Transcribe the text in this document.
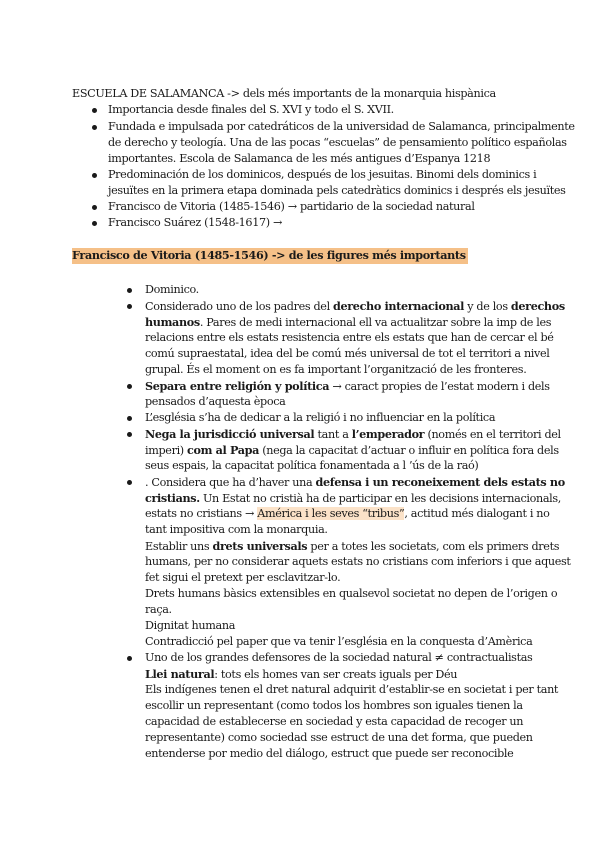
ESCUELA DE SALAMANCA -> dels més importants de la monarquia hispànica

Importancia desde finales del S. XVI y todo el S. XVII.

Fundada e impulsada por catedráticos de la universidad de Salamanca, principalmente

de derecho y teología. Una de las pocas “escuelas” de pensamiento político españolas

importantes. Escola de Salamanca de les més antigues d’Espanya 1218

Predominación de los dominicos, después de los jesuitas. Binomi dels dominics i

jesuïtes en la primera etapa dominada pels catedràtics dominics i després els jesuïtes

Francisco de Vitoria (1485-1546) → partidario de la sociedad natural

Francisco Suárez (1548-1617) →

Francisco de Vitoria (1485-1546) -> de les figures més importants

Dominico.

Considerado uno de los padres del derecho internacional y de los derechos

humanos. Pares de medi internacional ell va actualitzar sobre la imp de les

relacions entre els estats resistencia entre els estats que han de cercar el bé

comú supraestatal, idea del be comú més universal de tot el territori a nivel

grupal. És el moment on es fa important l’organització de les fronteres.

Separa entre religión y política → caract propies de l’estat modern i dels

pensados d’aquesta època

L’església s’ha de dedicar a la religió i no influenciar en la política

Nega la jurisdicció universal tant a l’emperador (només en el territori del

imperi) com al Papa (nega la capacitat d’actuar o influir en política fora dels

seus espais, la capacitat política fonamentada a l ’ús de la raó)

. Considera que ha d’haver una defensa i un reconeixement dels estats no

cristians. Un Estat no cristià ha de participar en les decisions internacionals,

estats no cristians → América i les seves “tribus”, actitud més dialogant i no

tant impositiva com la monarquia.

Establir uns drets universals per a totes les societats, com els primers drets

humans, per no considerar aquets estats no cristians com inferiors i que aquest

fet sigui el pretext per esclavitzar-lo.

Drets humans bàsics extensibles en qualsevol societat no depen de l’origen o

raça.

Dignitat humana

Contradicció pel paper que va tenir l’església en la conquesta d’Amèrica

Uno de los grandes defensores de la sociedad natural ≠ contractualistas

Llei natural: tots els homes van ser creats iguals per Déu

Els indígenes tenen el dret natural adquirit d’establir-se en societat i per tant

escollir un representant (como todos los hombres son iguales tienen la

capacidad de establecerse en sociedad y esta capacidad de recoger un

representante) como sociedad sse estruct de una det forma, que pueden

entenderse por medio del diálogo, estruct que puede ser reconocible
